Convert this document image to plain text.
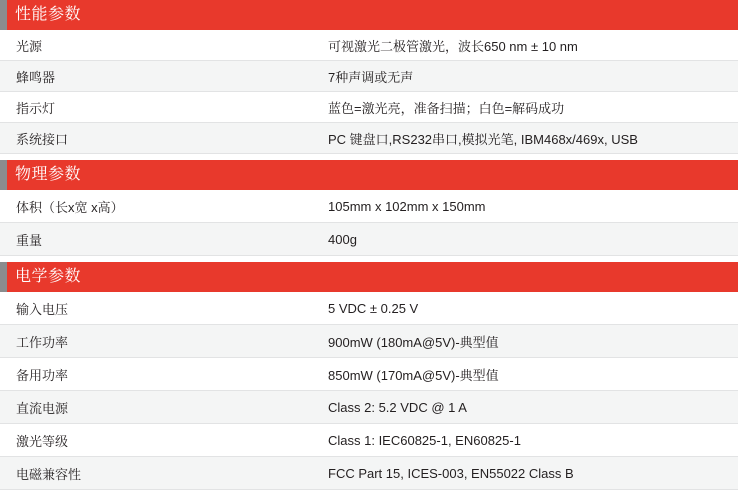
性能参数
光源	可视激光二极管激光，波长650 nm ± 10 nm
蜂鸣器	7种声调或无声
指示灯	蓝色=激光亮，准备扫描；白色=解码成功
系统接口	PC 键盘口,RS232串口,模拟光笔, IBM468x/469x, USB
物理参数
体积（长x宽 x高）	105mm x 102mm x 150mm
重量	400g
电学参数
输入电压	5 VDC ± 0.25 V
工作功率	900mW (180mA@5V)-典型值
备用功率	850mW (170mA@5V)-典型值
直流电源	Class 2: 5.2 VDC @ 1 A
激光等级	Class 1: IEC60825-1, EN60825-1
电磁兼容性	FCC Part 15, ICES-003, EN55022 Class B
